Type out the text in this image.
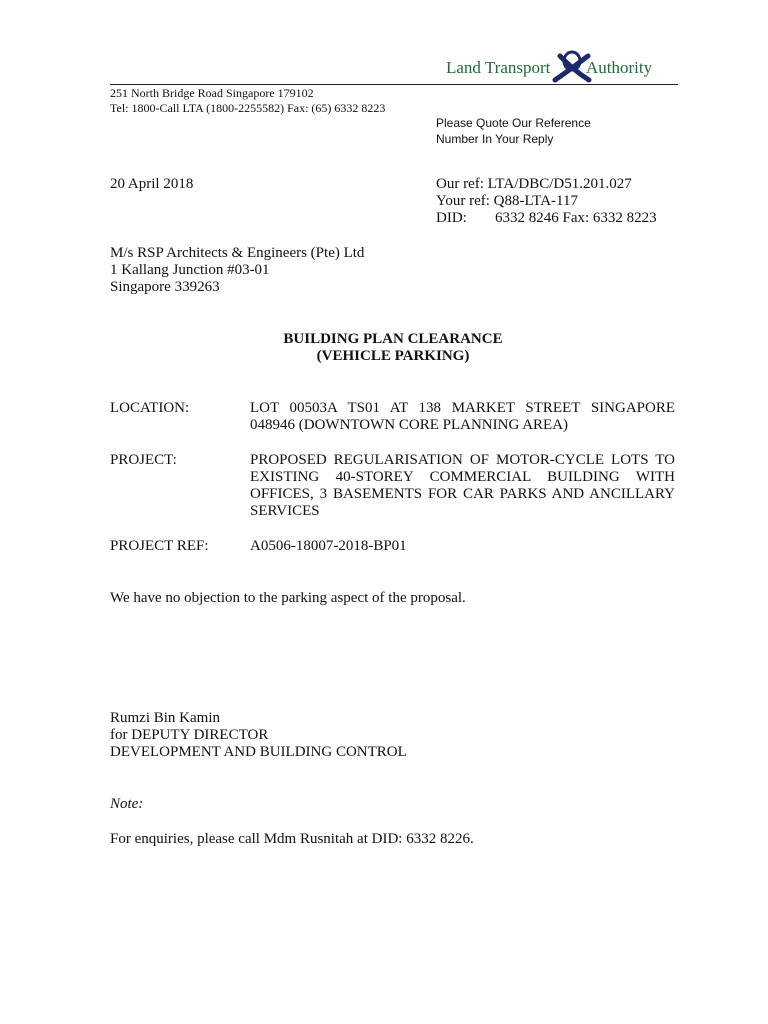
Land Transport Authority
251 North Bridge Road Singapore 179102
Tel: 1800-Call LTA (1800-2255582) Fax: (65) 6332 8223
Please Quote Our Reference
Number In Your Reply
20 April 2018	Our ref: LTA/DBC/D51.201.027
Your ref: Q88-LTA-117
DID: 6332 8246 Fax: 6332 8223
M/s RSP Architects & Engineers (Pte) Ltd
1 Kallang Junction #03-01
Singapore 339263
BUILDING PLAN CLEARANCE
(VEHICLE PARKING)
LOCATION:	LOT 00503A TS01 AT 138 MARKET STREET SINGAPORE 048946 (DOWNTOWN CORE PLANNING AREA)
PROJECT:	PROPOSED REGULARISATION OF MOTOR-CYCLE LOTS TO EXISTING 40-STOREY COMMERCIAL BUILDING WITH OFFICES, 3 BASEMENTS FOR CAR PARKS AND ANCILLARY SERVICES
PROJECT REF:	A0506-18007-2018-BP01
We have no objection to the parking aspect of the proposal.
Rumzi Bin Kamin
for DEPUTY DIRECTOR
DEVELOPMENT AND BUILDING CONTROL
Note:
For enquiries, please call Mdm Rusnitah at DID: 6332 8226.
